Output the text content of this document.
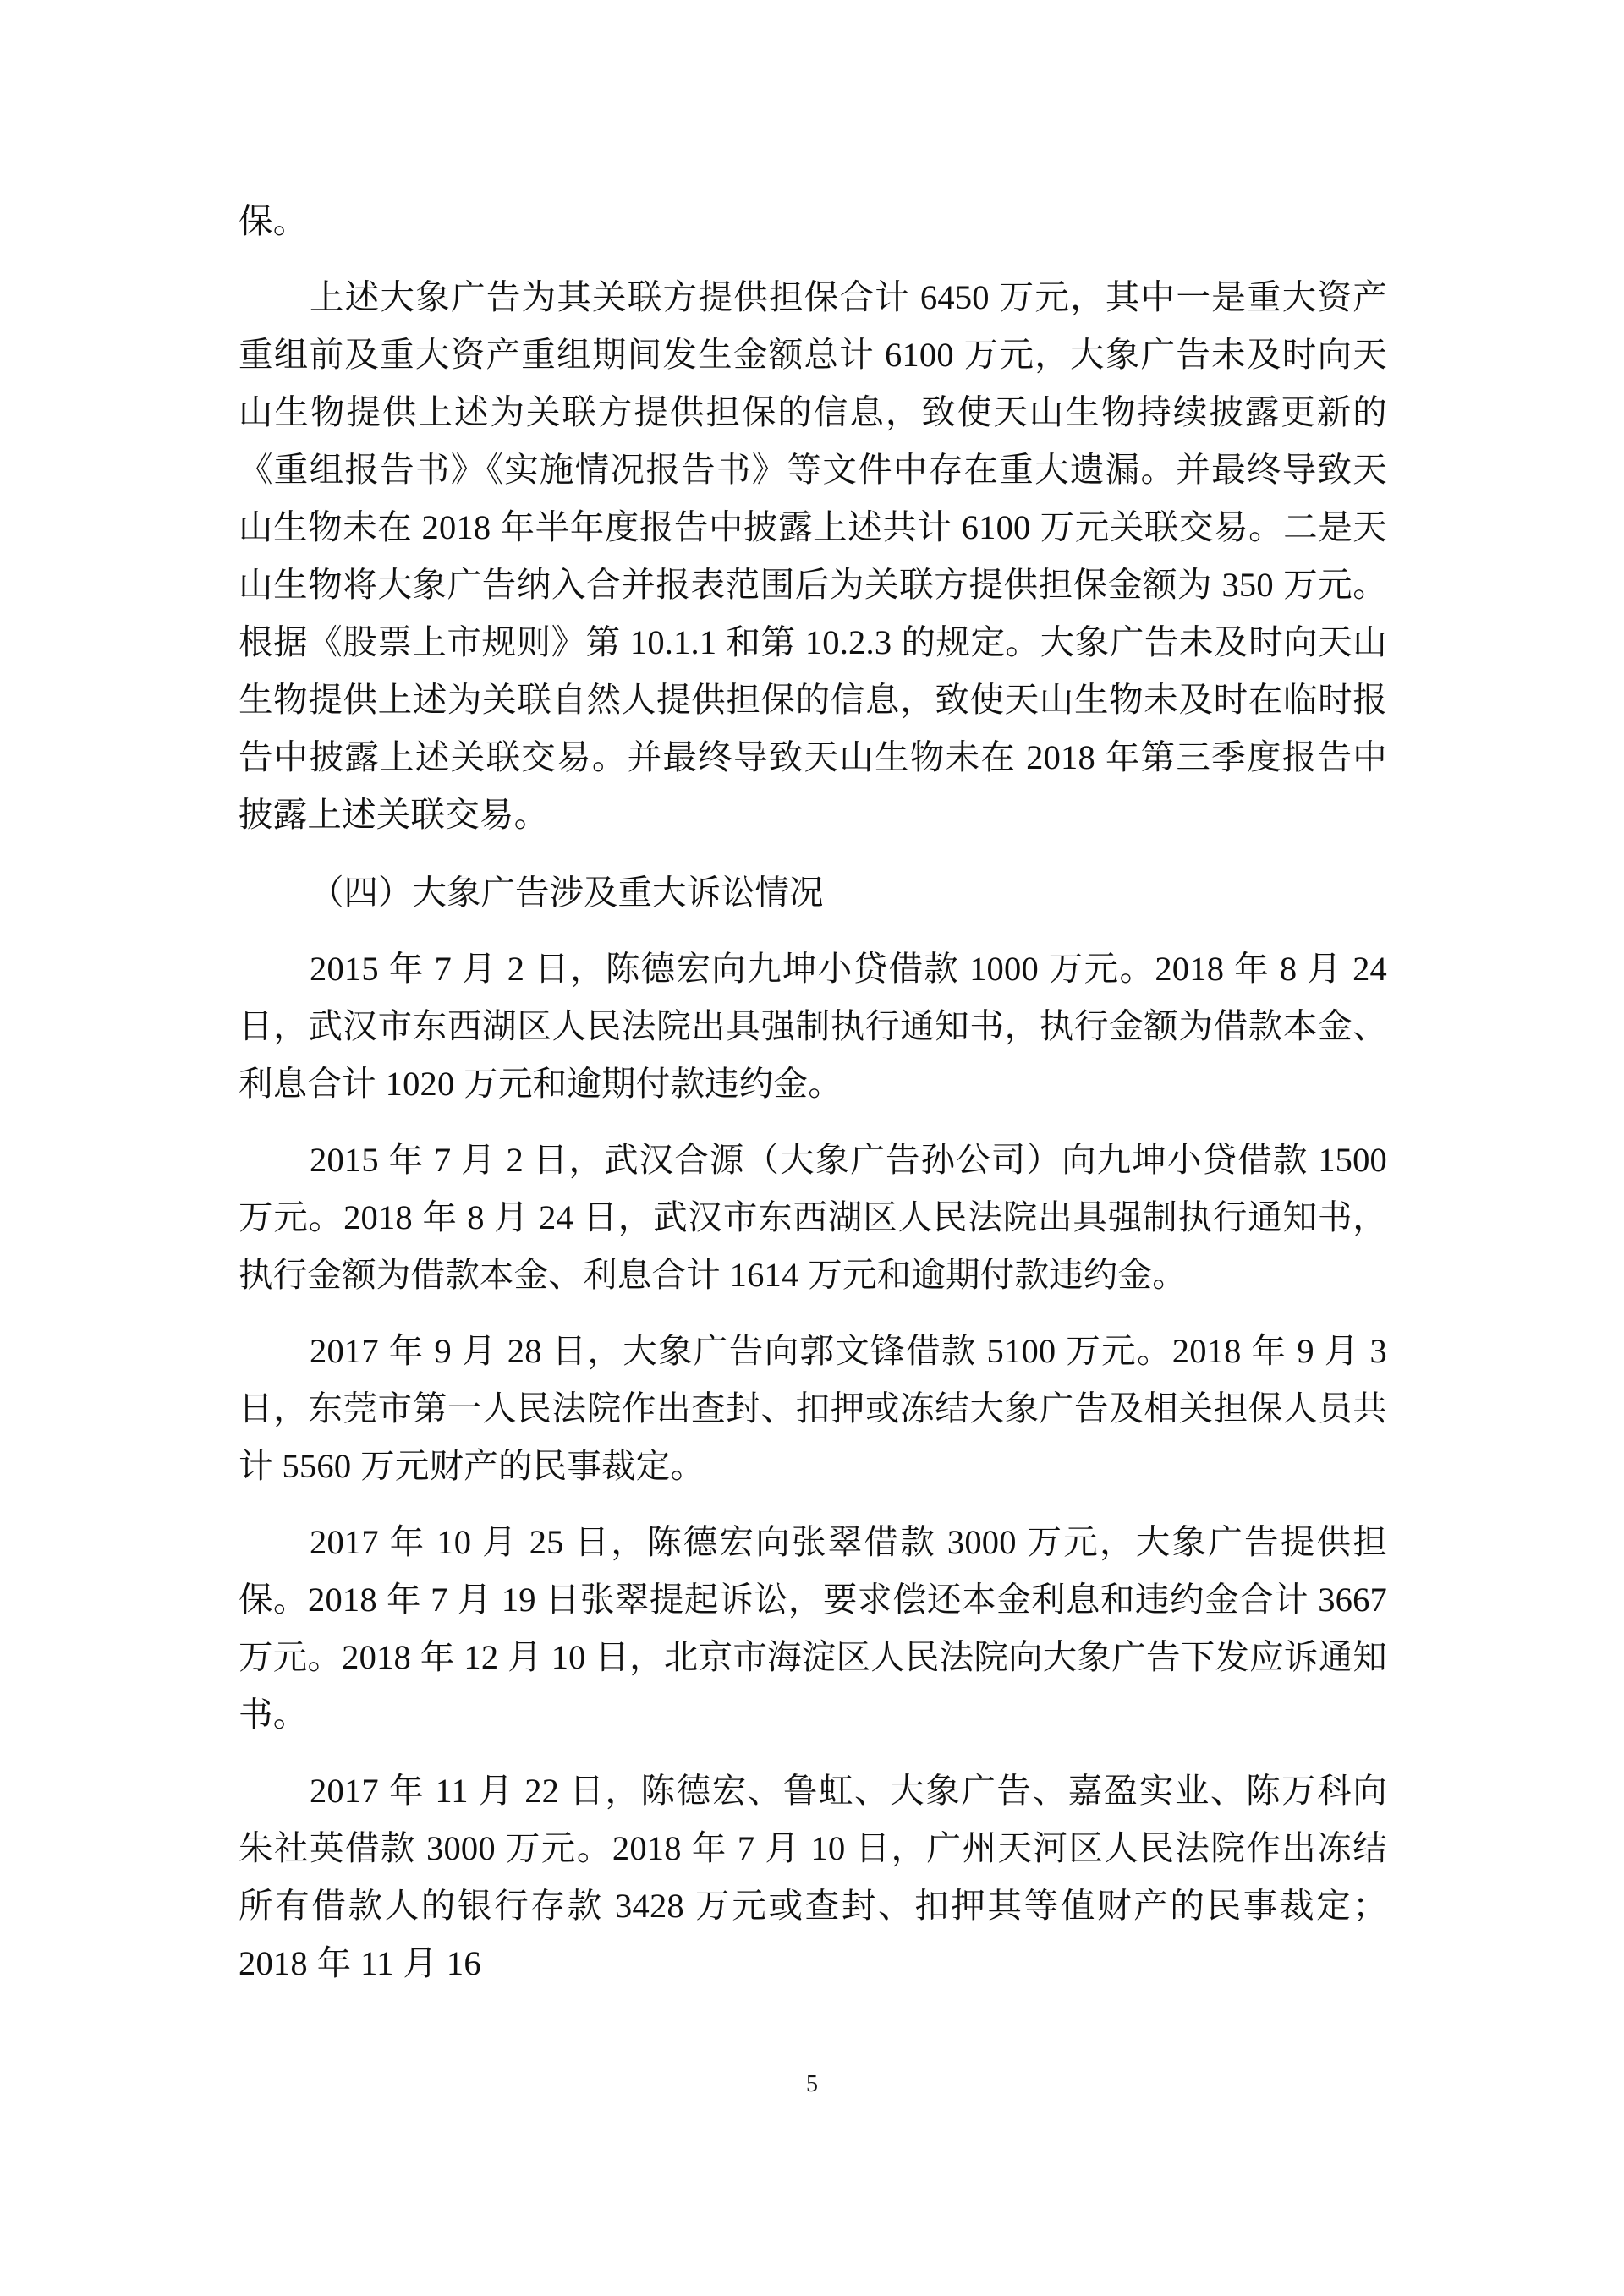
保。

上述大象广告为其关联方提供担保合计 6450 万元，其中一是重大资产重组前及重大资产重组期间发生金额总计 6100 万元，大象广告未及时向天山生物提供上述为关联方提供担保的信息，致使天山生物持续披露更新的《重组报告书》《实施情况报告书》等文件中存在重大遗漏。并最终导致天山生物未在 2018 年半年度报告中披露上述共计 6100 万元关联交易。二是天山生物将大象广告纳入合并报表范围后为关联方提供担保金额为 350 万元。根据《股票上市规则》第 10.1.1 和第 10.2.3 的规定。大象广告未及时向天山生物提供上述为关联自然人提供担保的信息，致使天山生物未及时在临时报告中披露上述关联交易。并最终导致天山生物未在 2018 年第三季度报告中披露上述关联交易。

（四）大象广告涉及重大诉讼情况

2015 年 7 月 2 日，陈德宏向九坤小贷借款 1000 万元。2018 年 8 月 24 日，武汉市东西湖区人民法院出具强制执行通知书，执行金额为借款本金、利息合计 1020 万元和逾期付款违约金。

2015 年 7 月 2 日，武汉合源（大象广告孙公司）向九坤小贷借款 1500 万元。2018 年 8 月 24 日，武汉市东西湖区人民法院出具强制执行通知书，执行金额为借款本金、利息合计 1614 万元和逾期付款违约金。

2017 年 9 月 28 日，大象广告向郭文锋借款 5100 万元。2018 年 9 月 3 日，东莞市第一人民法院作出查封、扣押或冻结大象广告及相关担保人员共计 5560 万元财产的民事裁定。

2017 年 10 月 25 日，陈德宏向张翠借款 3000 万元，大象广告提供担保。2018 年 7 月 19 日张翠提起诉讼，要求偿还本金利息和违约金合计 3667 万元。2018 年 12 月 10 日，北京市海淀区人民法院向大象广告下发应诉通知书。

2017 年 11 月 22 日，陈德宏、鲁虹、大象广告、嘉盈实业、陈万科向朱社英借款 3000 万元。2018 年 7 月 10 日，广州天河区人民法院作出冻结所有借款人的银行存款 3428 万元或查封、扣押其等值财产的民事裁定；2018 年 11 月 16

5
